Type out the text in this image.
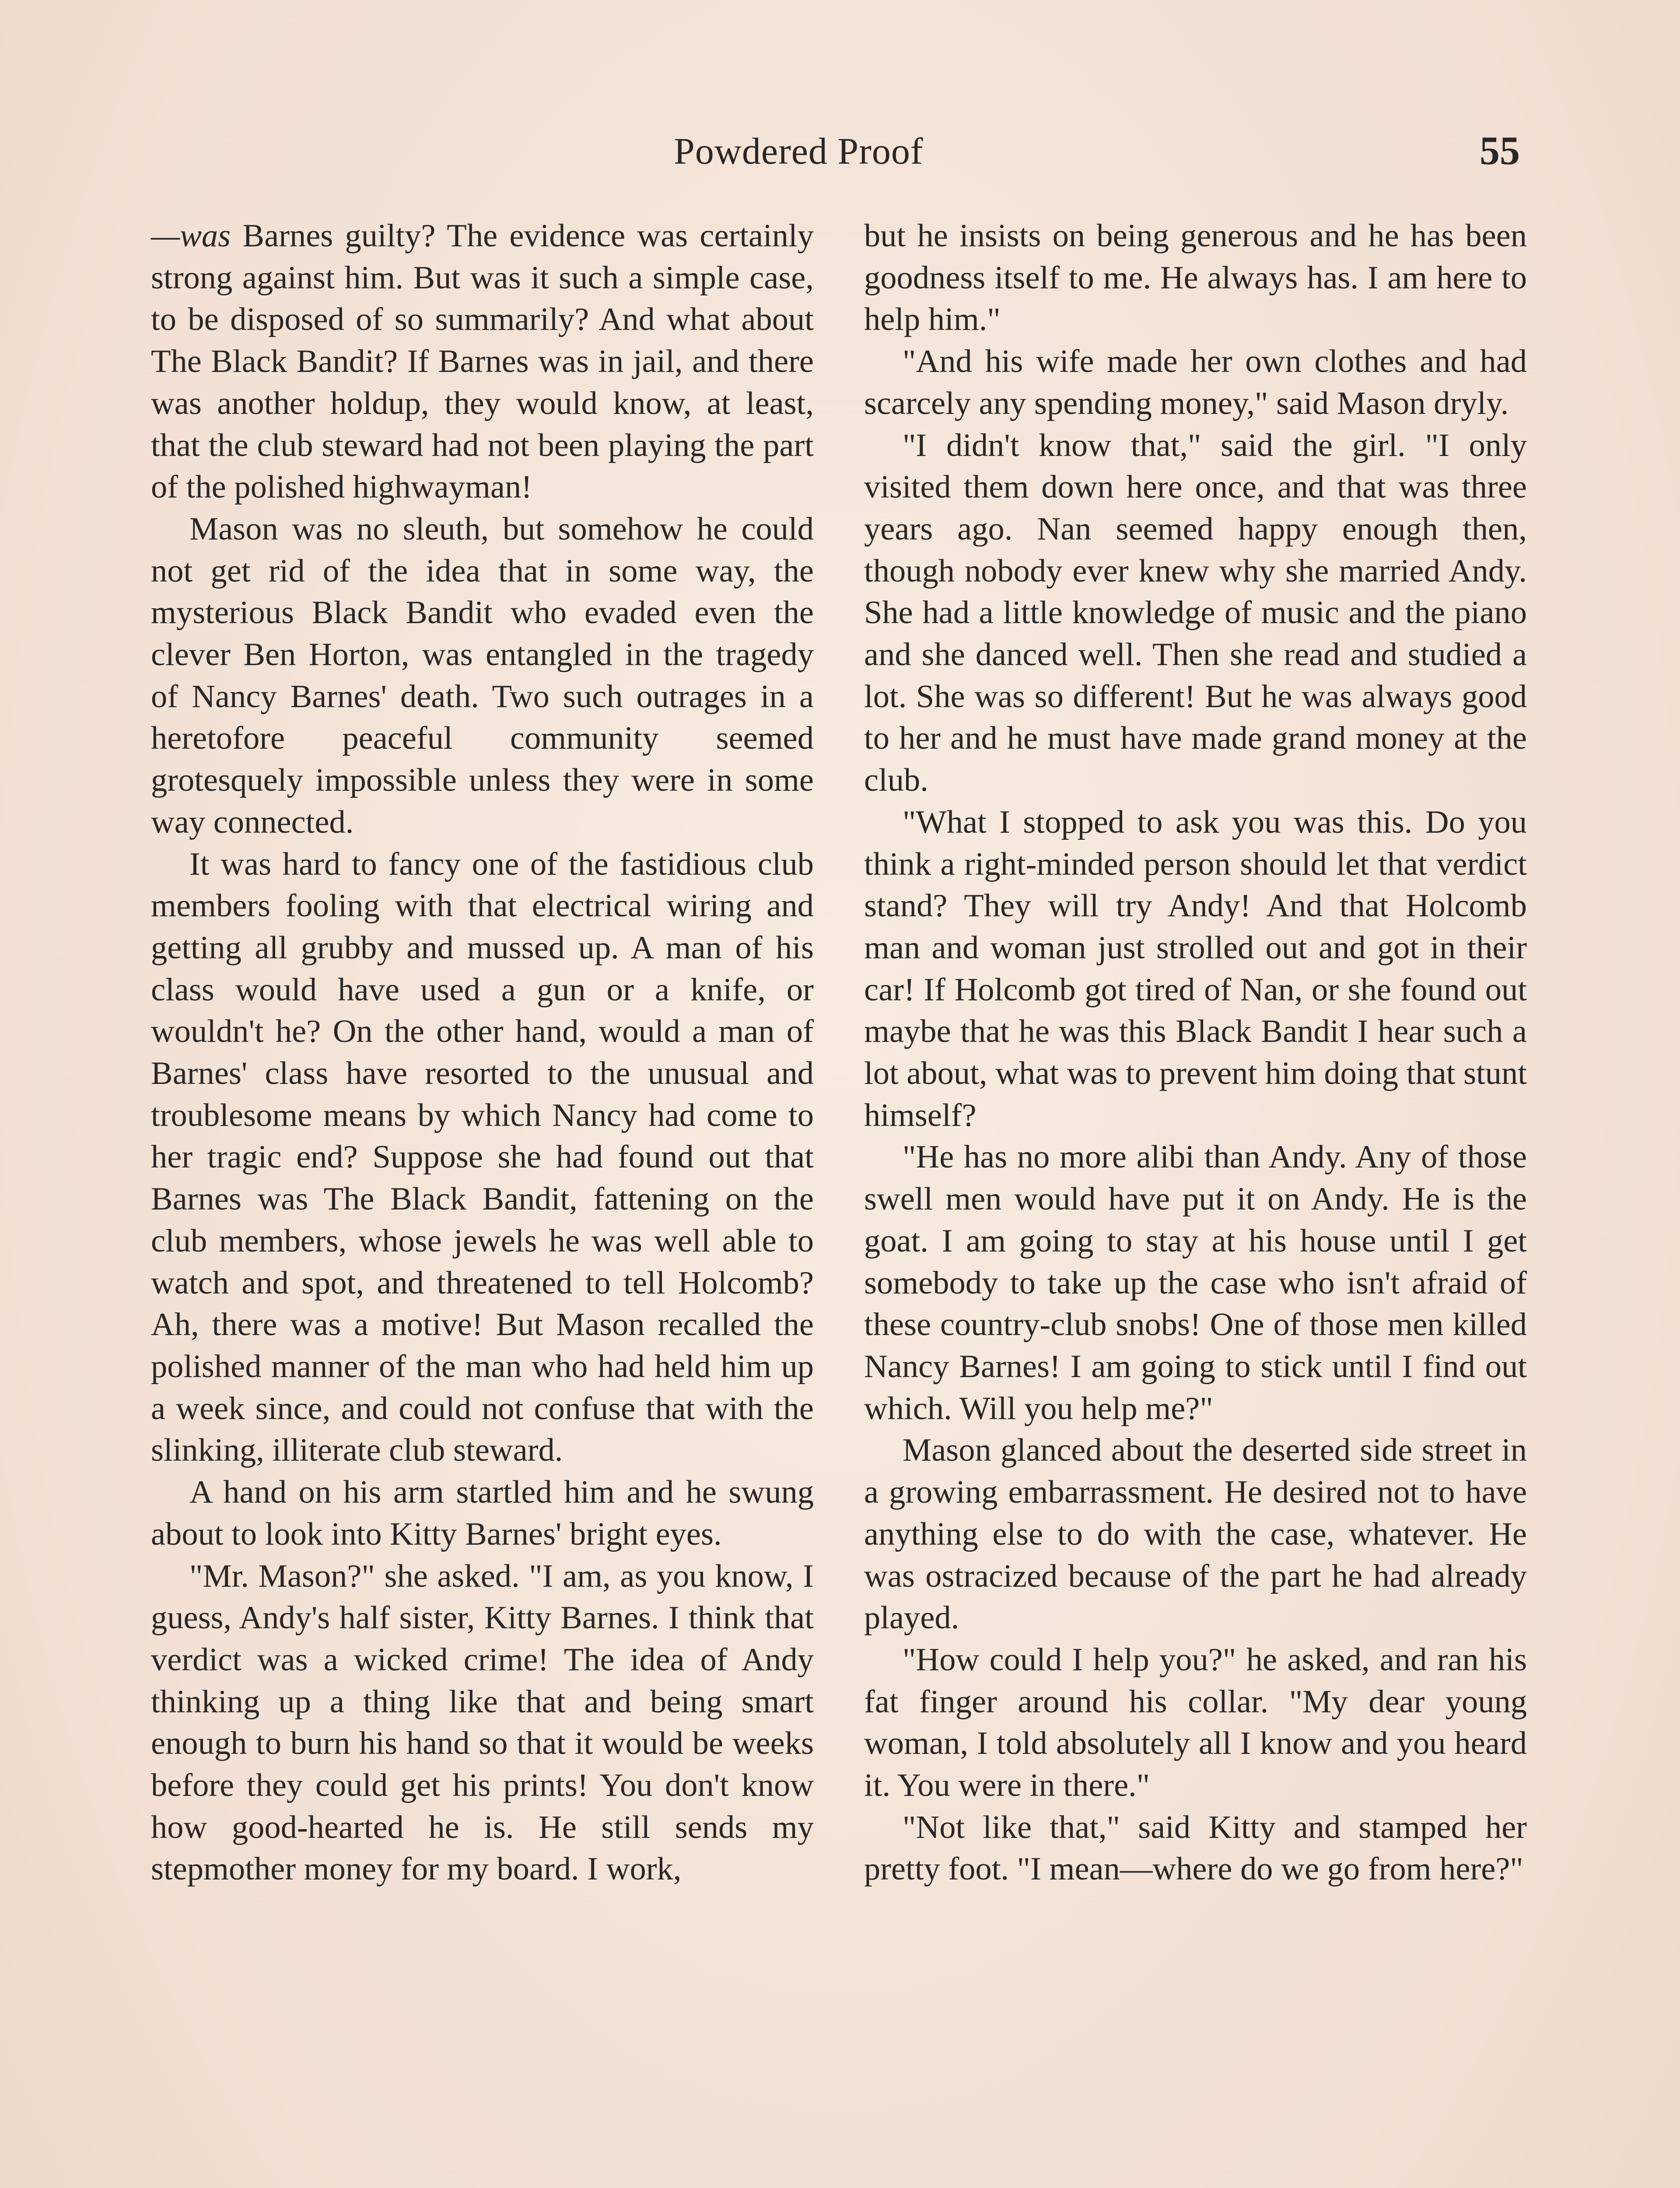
Powdered Proof	55

—was Barnes guilty? The evidence was certainly strong against him. But was it such a simple case, to be disposed of so summarily? And what about The Black Bandit? If Barnes was in jail, and there was another holdup, they would know, at least, that the club steward had not been playing the part of the polished highwayman!

Mason was no sleuth, but somehow he could not get rid of the idea that in some way, the mysterious Black Bandit who evaded even the clever Ben Horton, was entangled in the tragedy of Nancy Barnes' death. Two such outrages in a heretofore peaceful community seemed grotesquely impossible unless they were in some way connected.

It was hard to fancy one of the fastidious club members fooling with that electrical wiring and getting all grubby and mussed up. A man of his class would have used a gun or a knife, or wouldn't he? On the other hand, would a man of Barnes' class have resorted to the unusual and troublesome means by which Nancy had come to her tragic end? Suppose she had found out that Barnes was The Black Bandit, fattening on the club members, whose jewels he was well able to watch and spot, and threatened to tell Holcomb? Ah, there was a motive! But Mason recalled the polished manner of the man who had held him up a week since, and could not confuse that with the slinking, illiterate club steward.

A hand on his arm startled him and he swung about to look into Kitty Barnes' bright eyes.

"Mr. Mason?" she asked. "I am, as you know, I guess, Andy's half sister, Kitty Barnes. I think that verdict was a wicked crime! The idea of Andy thinking up a thing like that and being smart enough to burn his hand so that it would be weeks before they could get his prints! You don't know how good-hearted he is. He still sends my stepmother money for my board. I work,

but he insists on being generous and he has been goodness itself to me. He always has. I am here to help him."

"And his wife made her own clothes and had scarcely any spending money," said Mason dryly.

"I didn't know that," said the girl. "I only visited them down here once, and that was three years ago. Nan seemed happy enough then, though nobody ever knew why she married Andy. She had a little knowledge of music and the piano and she danced well. Then she read and studied a lot. She was so different! But he was always good to her and he must have made grand money at the club.

"What I stopped to ask you was this. Do you think a right-minded person should let that verdict stand? They will try Andy! And that Holcomb man and woman just strolled out and got in their car! If Holcomb got tired of Nan, or she found out maybe that he was this Black Bandit I hear such a lot about, what was to prevent him doing that stunt himself?

"He has no more alibi than Andy. Any of those swell men would have put it on Andy. He is the goat. I am going to stay at his house until I get somebody to take up the case who isn't afraid of these country-club snobs! One of those men killed Nancy Barnes! I am going to stick until I find out which. Will you help me?"

Mason glanced about the deserted side street in a growing embarrassment. He desired not to have anything else to do with the case, whatever. He was ostracized because of the part he had already played.

"How could I help you?" he asked, and ran his fat finger around his collar. "My dear young woman, I told absolutely all I know and you heard it. You were in there."

"Not like that," said Kitty and stamped her pretty foot. "I mean—where do we go from here?"
